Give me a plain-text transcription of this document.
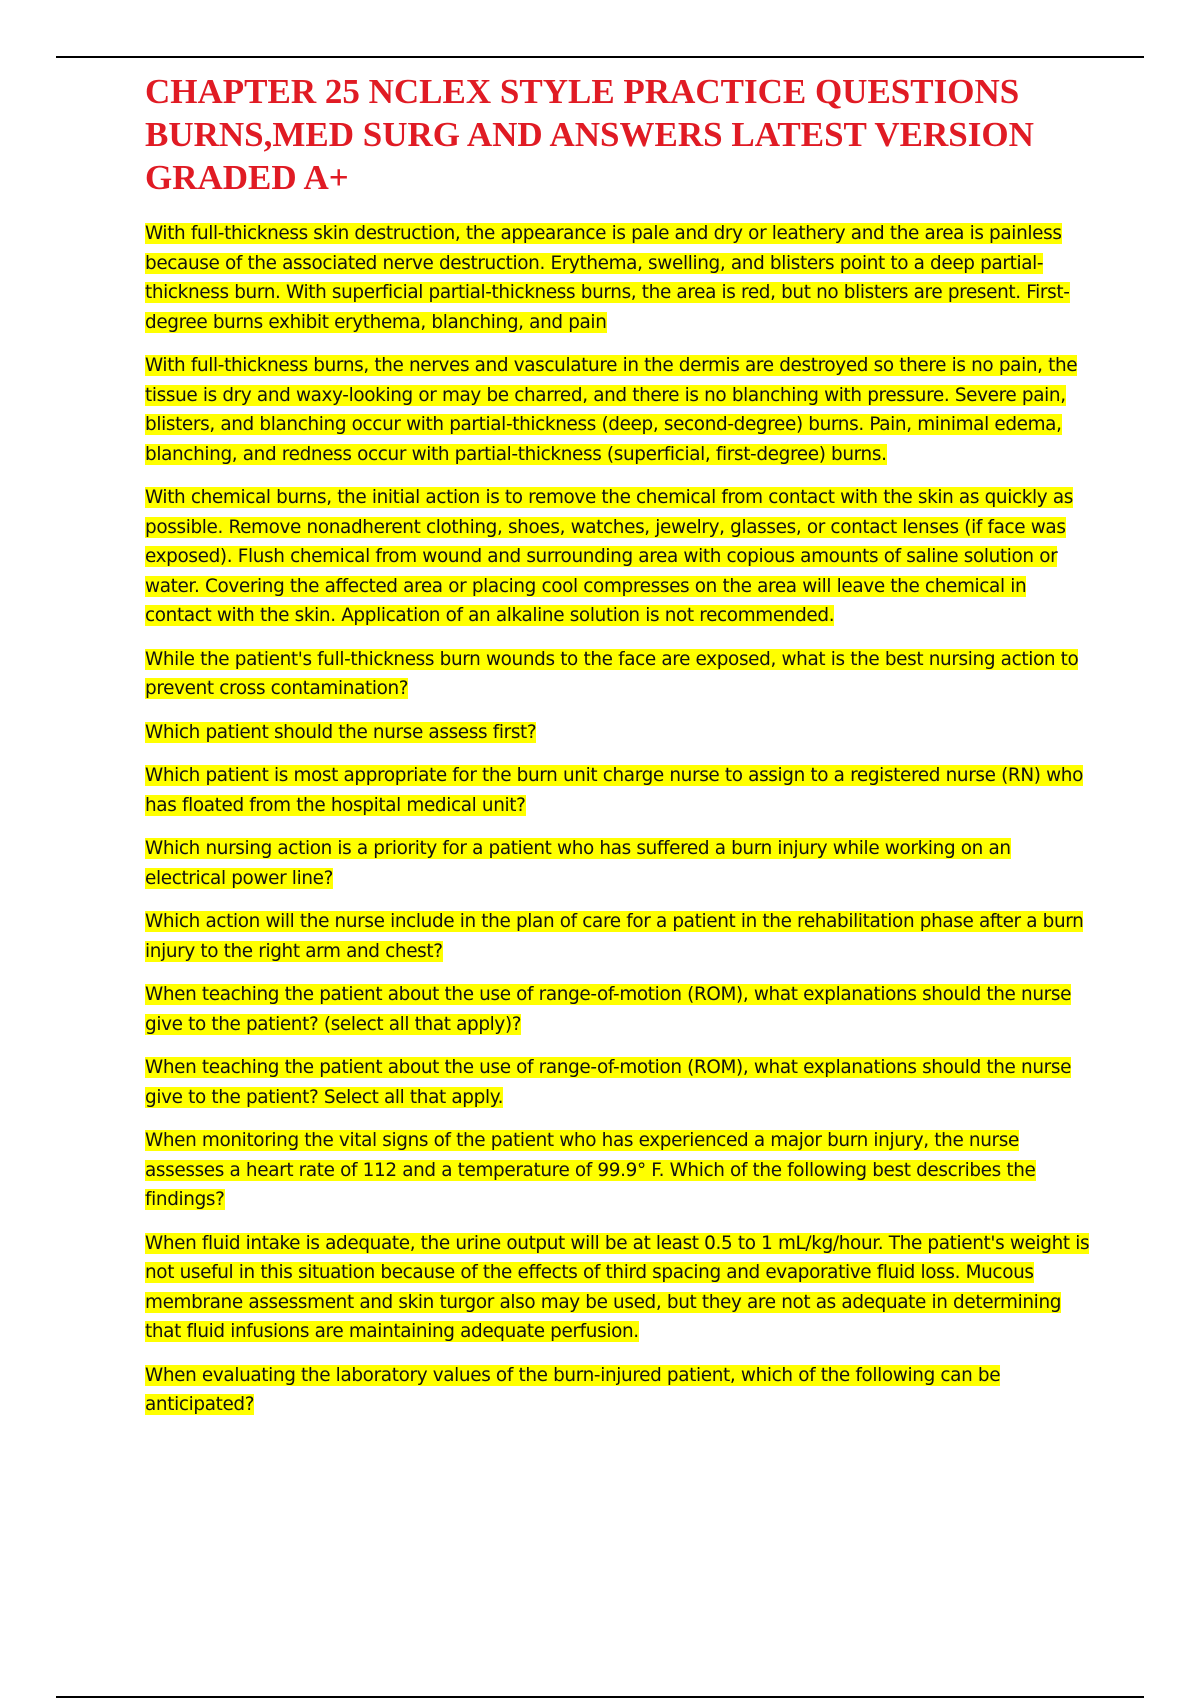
CHAPTER 25 NCLEX STYLE PRACTICE QUESTIONS BURNS,MED SURG AND ANSWERS LATEST VERSION GRADED A+

With full-thickness skin destruction, the appearance is pale and dry or leathery and the area is painless because of the associated nerve destruction. Erythema, swelling, and blisters point to a deep partial-thickness burn. With superficial partial-thickness burns, the area is red, but no blisters are present. First-degree burns exhibit erythema, blanching, and pain

With full-thickness burns, the nerves and vasculature in the dermis are destroyed so there is no pain, the tissue is dry and waxy-looking or may be charred, and there is no blanching with pressure. Severe pain, blisters, and blanching occur with partial-thickness (deep, second-degree) burns. Pain, minimal edema, blanching, and redness occur with partial-thickness (superficial, first-degree) burns.

With chemical burns, the initial action is to remove the chemical from contact with the skin as quickly as possible. Remove nonadherent clothing, shoes, watches, jewelry, glasses, or contact lenses (if face was exposed). Flush chemical from wound and surrounding area with copious amounts of saline solution or water. Covering the affected area or placing cool compresses on the area will leave the chemical in contact with the skin. Application of an alkaline solution is not recommended.

While the patient's full-thickness burn wounds to the face are exposed, what is the best nursing action to prevent cross contamination?

Which patient should the nurse assess first?

Which patient is most appropriate for the burn unit charge nurse to assign to a registered nurse (RN) who has floated from the hospital medical unit?

Which nursing action is a priority for a patient who has suffered a burn injury while working on an electrical power line?

Which action will the nurse include in the plan of care for a patient in the rehabilitation phase after a burn injury to the right arm and chest?

When teaching the patient about the use of range-of-motion (ROM), what explanations should the nurse give to the patient? (select all that apply)?

When teaching the patient about the use of range-of-motion (ROM), what explanations should the nurse give to the patient? Select all that apply.

When monitoring the vital signs of the patient who has experienced a major burn injury, the nurse assesses a heart rate of 112 and a temperature of 99.9° F. Which of the following best describes the findings?

When fluid intake is adequate, the urine output will be at least 0.5 to 1 mL/kg/hour. The patient's weight is not useful in this situation because of the effects of third spacing and evaporative fluid loss. Mucous membrane assessment and skin turgor also may be used, but they are not as adequate in determining that fluid infusions are maintaining adequate perfusion.

When evaluating the laboratory values of the burn-injured patient, which of the following can be anticipated?
